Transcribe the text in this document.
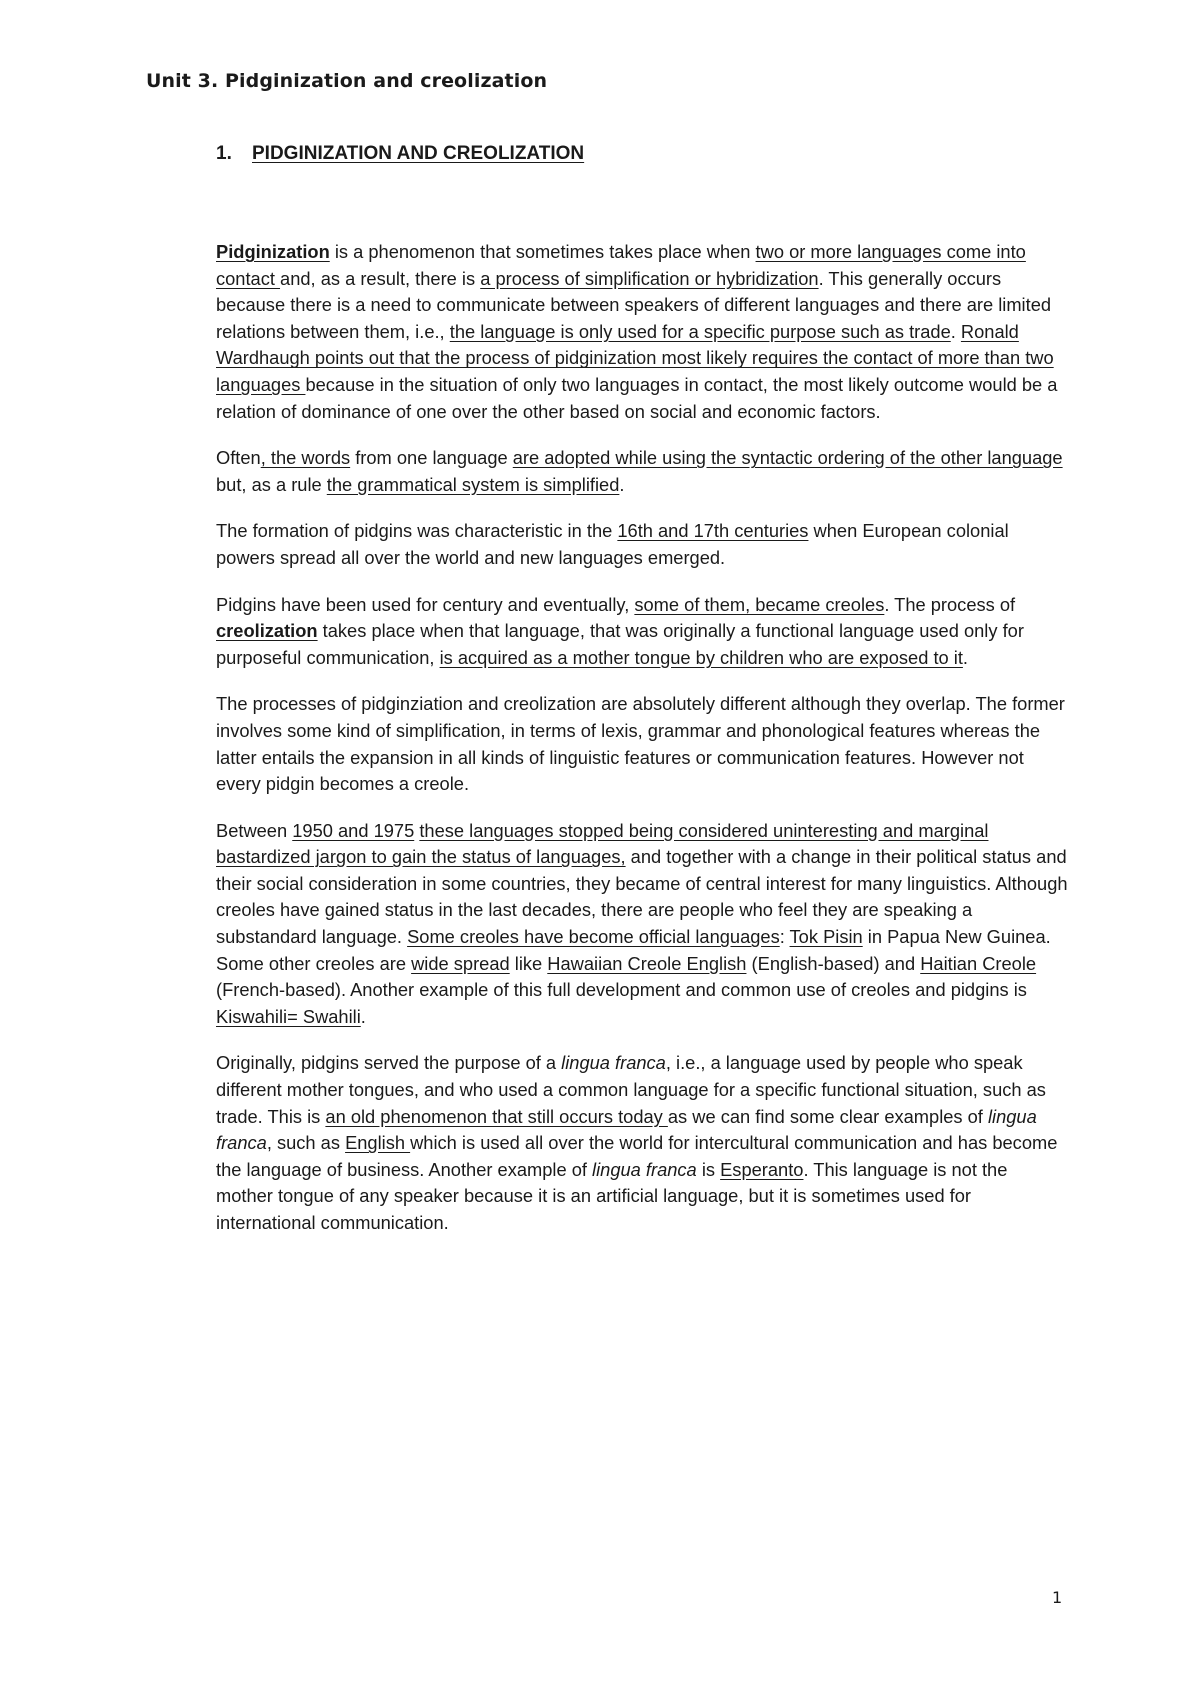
Unit 3. Pidginization and creolization
1. PIDGINIZATION AND CREOLIZATION

Pidginization is a phenomenon that sometimes takes place when two or more languages come into contact and, as a result, there is a process of simplification or hybridization. This generally occurs because there is a need to communicate between speakers of different languages and there are limited relations between them, i.e., the language is only used for a specific purpose such as trade. Ronald Wardhaugh points out that the process of pidginization most likely requires the contact of more than two languages because in the situation of only two languages in contact, the most likely outcome would be a relation of dominance of one over the other based on social and economic factors.

Often, the words from one language are adopted while using the syntactic ordering of the other language but, as a rule the grammatical system is simplified.

The formation of pidgins was characteristic in the 16th and 17th centuries when European colonial powers spread all over the world and new languages emerged.

Pidgins have been used for century and eventually, some of them, became creoles. The process of creolization takes place when that language, that was originally a functional language used only for purposeful communication, is acquired as a mother tongue by children who are exposed to it.

The processes of pidginziation and creolization are absolutely different although they overlap. The former involves some kind of simplification, in terms of lexis, grammar and phonological features whereas the latter entails the expansion in all kinds of linguistic features or communication features. However not every pidgin becomes a creole.

Between 1950 and 1975 these languages stopped being considered uninteresting and marginal bastardized jargon to gain the status of languages, and together with a change in their political status and their social consideration in some countries, they became of central interest for many linguistics. Although creoles have gained status in the last decades, there are people who feel they are speaking a substandard language. Some creoles have become official languages: Tok Pisin in Papua New Guinea. Some other creoles are wide spread like Hawaiian Creole English (English-based) and Haitian Creole (French-based). Another example of this full development and common use of creoles and pidgins is Kiswahili= Swahili.

Originally, pidgins served the purpose of a lingua franca, i.e., a language used by people who speak different mother tongues, and who used a common language for a specific functional situation, such as trade. This is an old phenomenon that still occurs today as we can find some clear examples of lingua franca, such as English which is used all over the world for intercultural communication and has become the language of business. Another example of lingua franca is Esperanto. This language is not the mother tongue of any speaker because it is an artificial language, but it is sometimes used for international communication.

1
